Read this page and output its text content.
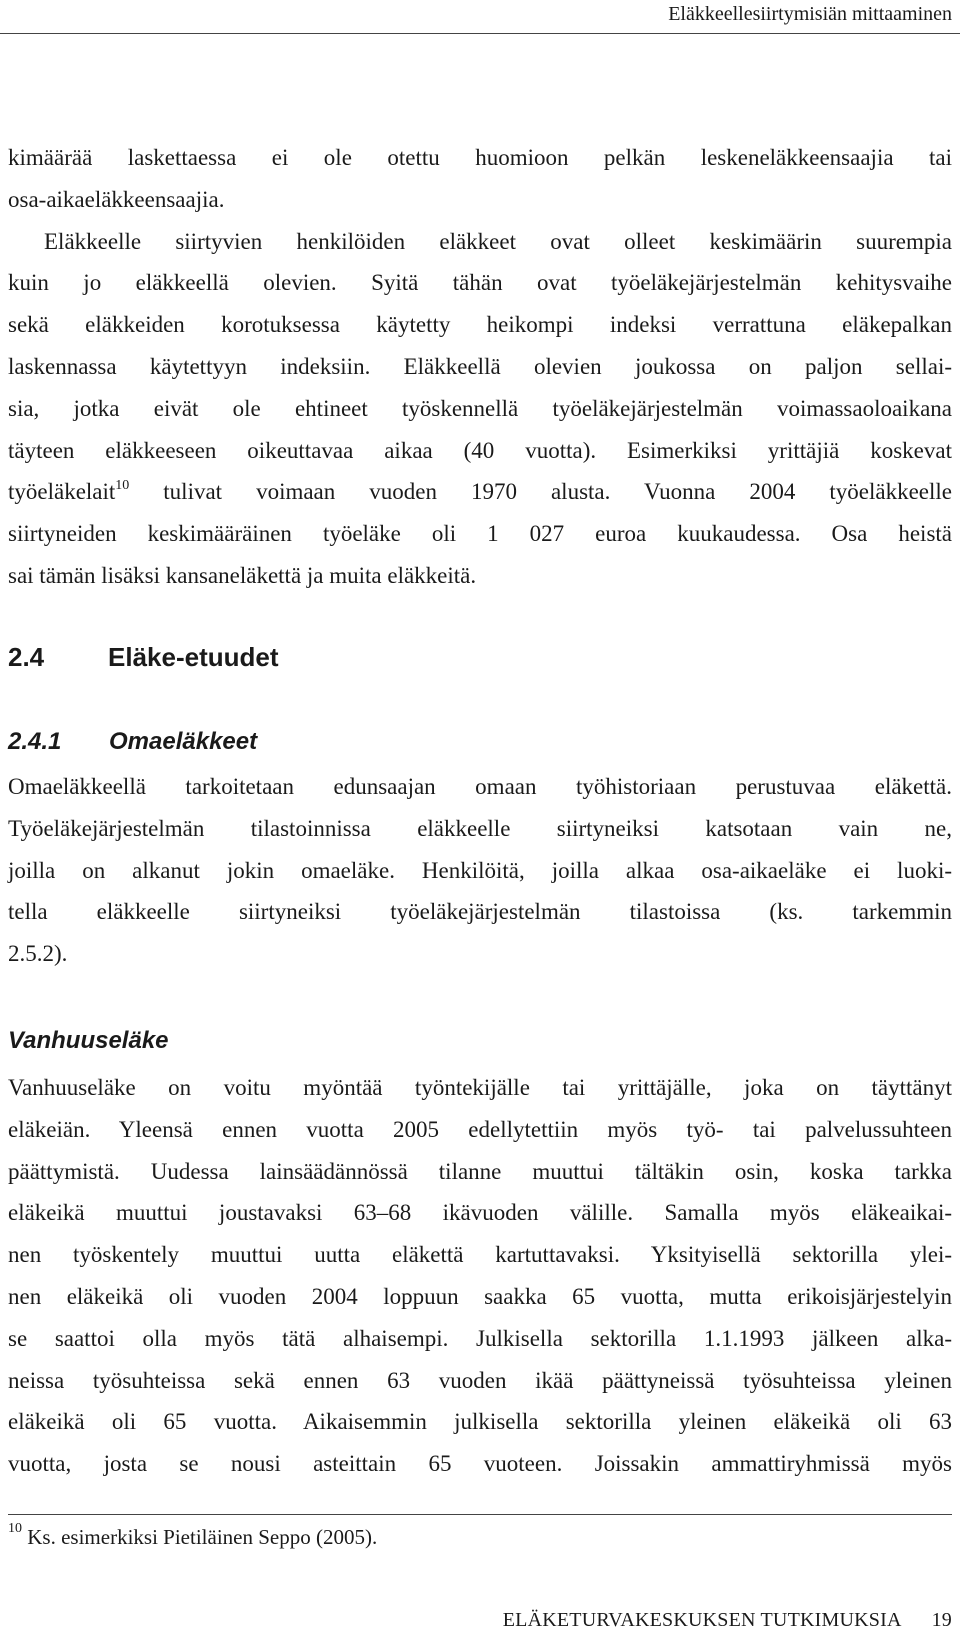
Eläkkeellesiirtymisiän mittaaminen

kimäärää laskettaessa ei ole otettu huomioon pelkän leskeneläkkeensaajia tai
osa-aikaeläkkeensaajia.

Eläkkeelle siirtyvien henkilöiden eläkkeet ovat olleet keskimäärin suurempia
kuin jo eläkkeellä olevien. Syitä tähän ovat työeläkejärjestelmän kehitysvaihe
sekä eläkkeiden korotuksessa käytetty heikompi indeksi verrattuna eläkepalkan
laskennassa käytettyyn indeksiin. Eläkkeellä olevien joukossa on paljon sellai-
sia, jotka eivät ole ehtineet työskennellä työeläkejärjestelmän voimassaoloaikana
täyteen eläkkeeseen oikeuttavaa aikaa (40 vuotta). Esimerkiksi yrittäjiä koskevat
työeläkelait$^{10}$ tulivat voimaan vuoden 1970 alusta. Vuonna 2004 työeläkkeelle
siirtyneiden keskimääräinen työeläke oli 1 027 euroa kuukaudessa. Osa heistä
sai tämän lisäksi kansaneläkettä ja muita eläkkeitä.

2.4 Eläke-etuudet
2.4.1 Omaeläkkeet

Omaeläkkeellä tarkoitetaan edunsaajan omaan työhistoriaan perustuvaa eläkettä.
Työeläkejärjestelmän tilastoinnissa eläkkeelle siirtyneiksi katsotaan vain ne,
joilla on alkanut jokin omaeläke. Henkilöitä, joilla alkaa osa-aikaeläke ei luoki-
tella eläkkeelle siirtyneiksi työeläkejärjestelmän tilastoissa (ks. tarkemmin
2.5.2).

Vanhuuseläke

Vanhuuseläke on voitu myöntää työntekijälle tai yrittäjälle, joka on täyttänyt
eläkeiän. Yleensä ennen vuotta 2005 edellytettiin myös työ- tai palvelussuhteen
päättymistä. Uudessa lainsäädännössä tilanne muuttui tältäkin osin, koska tarkka
eläkeikä muuttui joustavaksi 63–68 ikävuoden välille. Samalla myös eläkeaikai-
nen työskentely muuttui uutta eläkettä kartuttavaksi. Yksityisellä sektorilla ylei-
nen eläkeikä oli vuoden 2004 loppuun saakka 65 vuotta, mutta erikoisjärjestelyin
se saattoi olla myös tätä alhaisempi. Julkisella sektorilla 1.1.1993 jälkeen alka-
neissa työsuhteissa sekä ennen 63 vuoden ikää päättyneissä työsuhteissa yleinen
eläkeikä oli 65 vuotta. Aikaisemmin julkisella sektorilla yleinen eläkeikä oli 63
vuotta, josta se nousi asteittain 65 vuoteen. Joissakin ammattiryhmissä myös

$^{10}$ Ks. esimerkiksi Pietiläinen Seppo (2005).

ELÄKETURVAKESKUKSEN TUTKIMUKSIA 19
